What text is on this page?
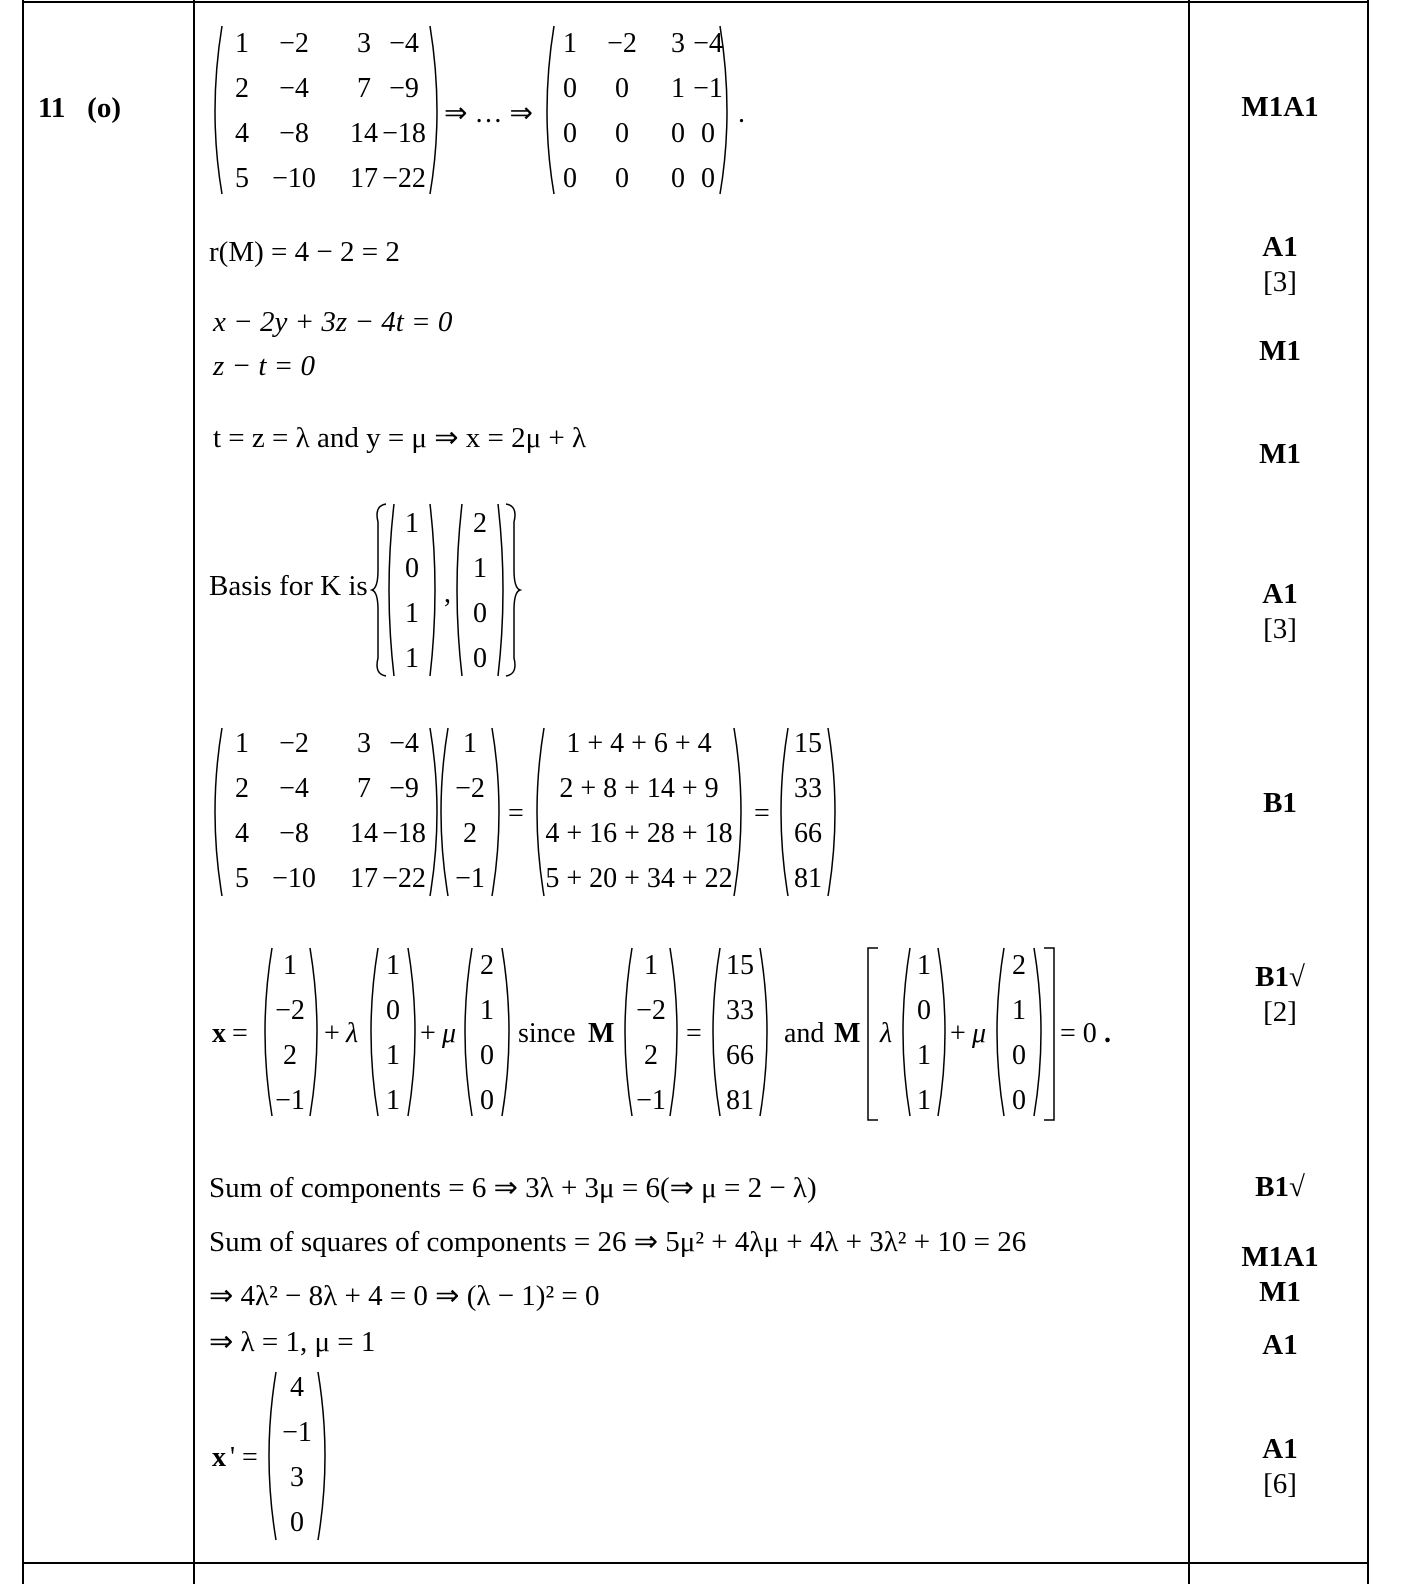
11 (o)
1 −2 3 −4
2 −4 7 −9
4 −8 14 −18
5 −10 17 −22
⇒ … ⇒
1 −2 3 −4
0 0 1 −1
0 0 0 0
0 0 0 0
.
r(M) = 4 − 2 = 2
x − 2y + 3z − 4t = 0
z − t = 0
t = z = λ and y = μ ⇒ x = 2μ + λ
Basis for K is
1
0
1
1
,
2
1
0
0
1 −2 3 −4
2 −4 7 −9
4 −8 14 −18
5 −10 17 −22
1
−2
2
−1
=
1 + 4 + 6 + 4
2 + 8 + 14 + 9
4 + 16 + 28 + 18
5 + 20 + 34 + 22
=
15
33
66
81
x =
1
−2
2
−1
+ λ
1
0
1
1
+ μ
2
1
0
0
since M
1
−2
2
−1
=
15
33
66
81
and M λ
1
0
1
1
+ μ
2
1
0
0
= 0 .
Sum of components = 6 ⇒ 3λ + 3μ = 6(⇒ μ = 2 − λ)
Sum of squares of components = 26 ⇒ 5μ² + 4λμ + 4λ + 3λ² + 10 = 26
⇒ 4λ² − 8λ + 4 = 0 ⇒ (λ − 1)² = 0
⇒ λ = 1, μ = 1
x ' =
4
−1
3
0
M1A1
A1
[3]
M1
M1
A1
[3]
B1
B1√
[2]
B1√
M1A1
M1
A1
A1
[6]
